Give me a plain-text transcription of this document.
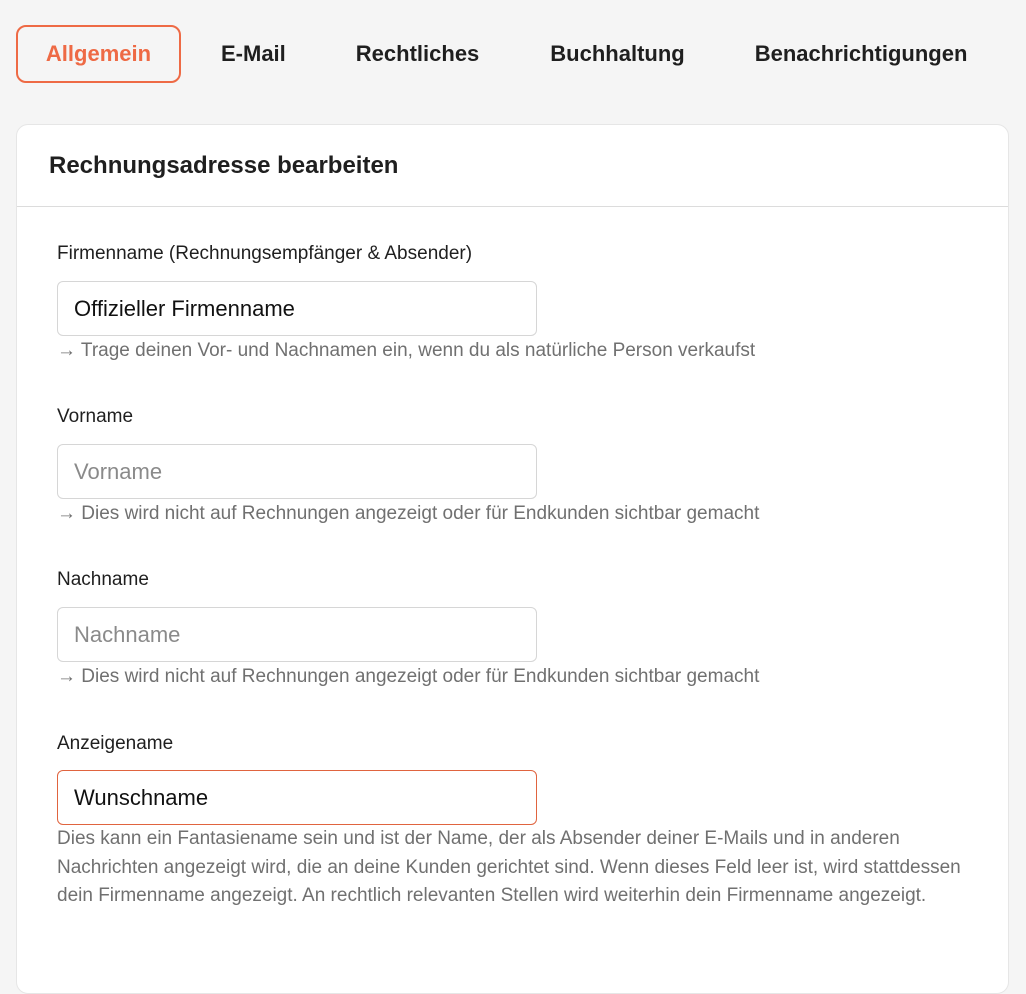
Allgemein	E-Mail	Rechtliches	Buchhaltung	Benachrichtigungen
Rechnungsadresse bearbeiten
Firmenname (Rechnungsempfänger & Absender)
Offizieller Firmenname
→ Trage deinen Vor- und Nachnamen ein, wenn du als natürliche Person verkaufst
Vorname
Vorname
→ Dies wird nicht auf Rechnungen angezeigt oder für Endkunden sichtbar gemacht
Nachname
Nachname
→ Dies wird nicht auf Rechnungen angezeigt oder für Endkunden sichtbar gemacht
Anzeigename
Wunschname
Dies kann ein Fantasiename sein und ist der Name, der als Absender deiner E-Mails und in anderen Nachrichten angezeigt wird, die an deine Kunden gerichtet sind. Wenn dieses Feld leer ist, wird stattdessen dein Firmenname angezeigt. An rechtlich relevanten Stellen wird weiterhin dein Firmenname angezeigt.
